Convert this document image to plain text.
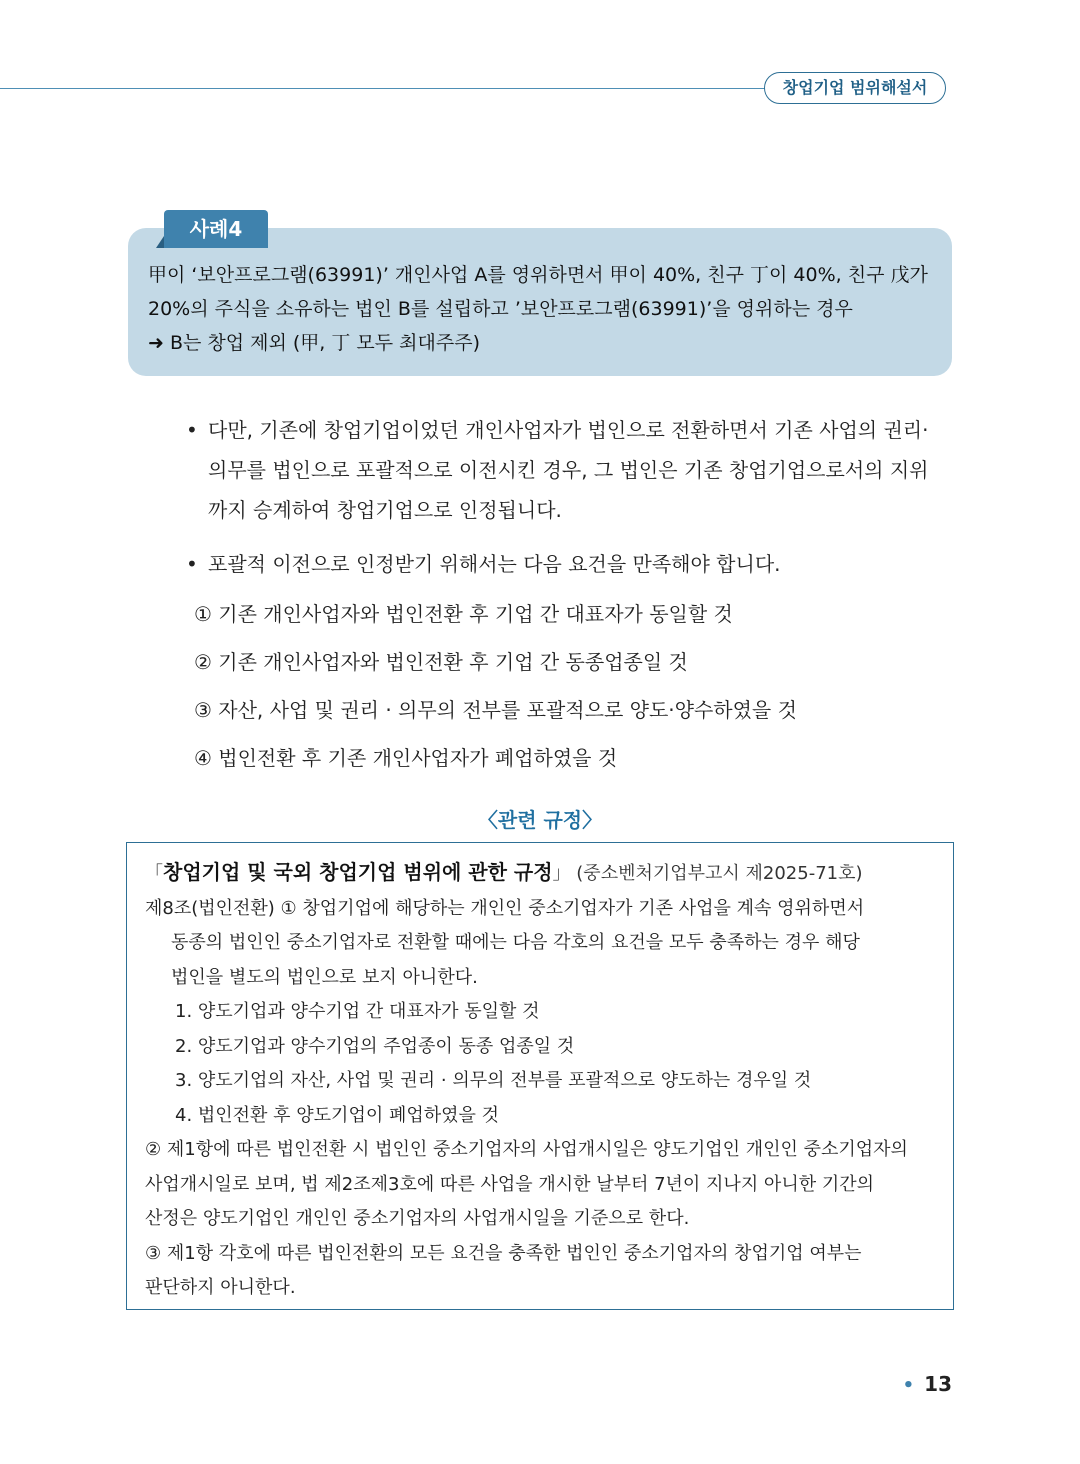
창업기업 범위해설서
甲이 ‘보안프로그램(63991)’ 개인사업 A를 영위하면서 甲이 40%, 친구 丁이 40%, 친구 戊가
20%의 주식을 소유하는 법인 B를 설립하고 ’보안프로그램(63991)’을 영위하는 경우
➜ B는 창업 제외 (甲, 丁 모두 최대주주)
사례4
• 다만, 기존에 창업기업이었던 개인사업자가 법인으로 전환하면서 기존 사업의 권리·
의무를 법인으로 포괄적으로 이전시킨 경우, 그 법인은 기존 창업기업으로서의 지위
까지 승계하여 창업기업으로 인정됩니다.
• 포괄적 이전으로 인정받기 위해서는 다음 요건을 만족해야 합니다.
① 기존 개인사업자와 법인전환 후 기업 간 대표자가 동일할 것
② 기존 개인사업자와 법인전환 후 기업 간 동종업종일 것
③ 자산, 사업 및 권리 · 의무의 전부를 포괄적으로 양도·양수하였을 것
④ 법인전환 후 기존 개인사업자가 폐업하였을 것
〈관련 규정〉
「창업기업 및 국외 창업기업 범위에 관한 규정」 (중소벤처기업부고시 제2025-71호)
제8조(법인전환) ① 창업기업에 해당하는 개인인 중소기업자가 기존 사업을 계속 영위하면서
동종의 법인인 중소기업자로 전환할 때에는 다음 각호의 요건을 모두 충족하는 경우 해당
법인을 별도의 법인으로 보지 아니한다.
1. 양도기업과 양수기업 간 대표자가 동일할 것
2. 양도기업과 양수기업의 주업종이 동종 업종일 것
3. 양도기업의 자산, 사업 및 권리 · 의무의 전부를 포괄적으로 양도하는 경우일 것
4. 법인전환 후 양도기업이 폐업하였을 것
② 제1항에 따른 법인전환 시 법인인 중소기업자의 사업개시일은 양도기업인 개인인 중소기업자의
사업개시일로 보며, 법 제2조제3호에 따른 사업을 개시한 날부터 7년이 지나지 아니한 기간의
산정은 양도기업인 개인인 중소기업자의 사업개시일을 기준으로 한다.
③ 제1항 각호에 따른 법인전환의 모든 요건을 충족한 법인인 중소기업자의 창업기업 여부는
판단하지 아니한다.
• 13
